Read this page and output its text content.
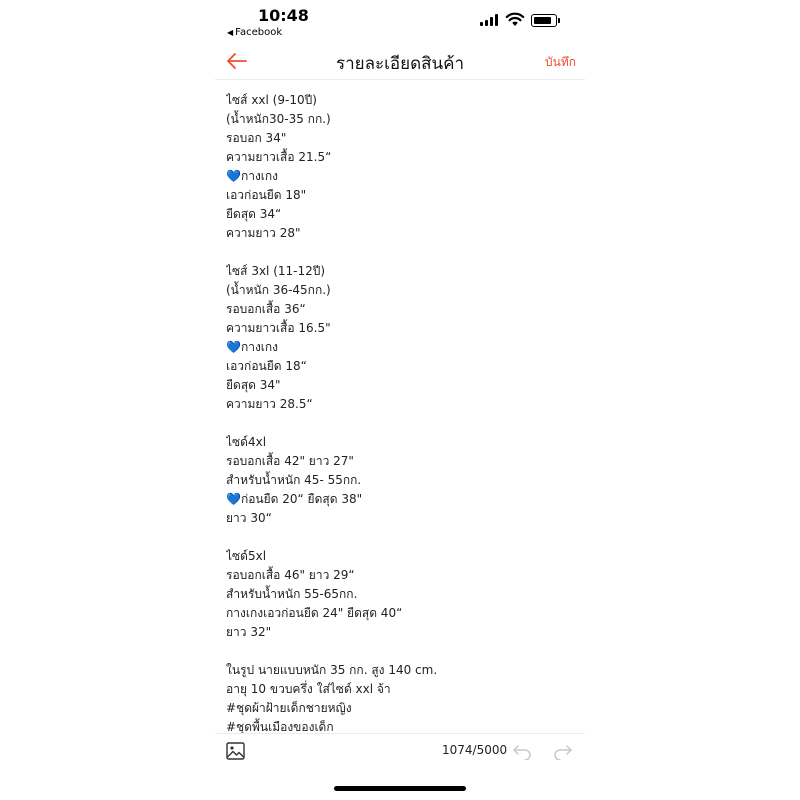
10:48
◀ Facebook
รายละเอียดสินค้า	บันทึก
ไซส์ xxl (9-10ปี)
(น้ำหนัก30-35 กก.)
รอบอก 34"
ความยาวเสื้อ 21.5“
💙กางเกง
เอวก่อนยืด 18"
ยืดสุด 34“
ความยาว 28"
ไซส์ 3xl (11-12ปี)
(น้ำหนัก 36-45กก.)
รอบอกเสื้อ 36“
ความยาวเสื้อ 16.5"
💙กางเกง
เอวก่อนยืด 18“
ยืดสุด 34"
ความยาว 28.5“
ไซด์4xl
รอบอกเสื้อ 42" ยาว 27"
สำหรับน้ำหนัก 45- 55กก.
💙ก่อนยืด 20“ ยืดสุด 38"
ยาว 30“
ไซด์5xl
รอบอกเสื้อ 46" ยาว 29“
สำหรับน้ำหนัก 55-65กก.
กางเกงเอวก่อนยืด 24" ยืดสุด 40“
ยาว 32"
ในรูป นายแบบหนัก 35 กก. สูง 140 cm.
อายุ 10 ขวบครึ่ง ใส่ไซด์ xxl จ้า
#ชุดผ้าฝ้ายเด็กชายหญิง
#ชุดพื้นเมืองของเด็ก
1074/5000
